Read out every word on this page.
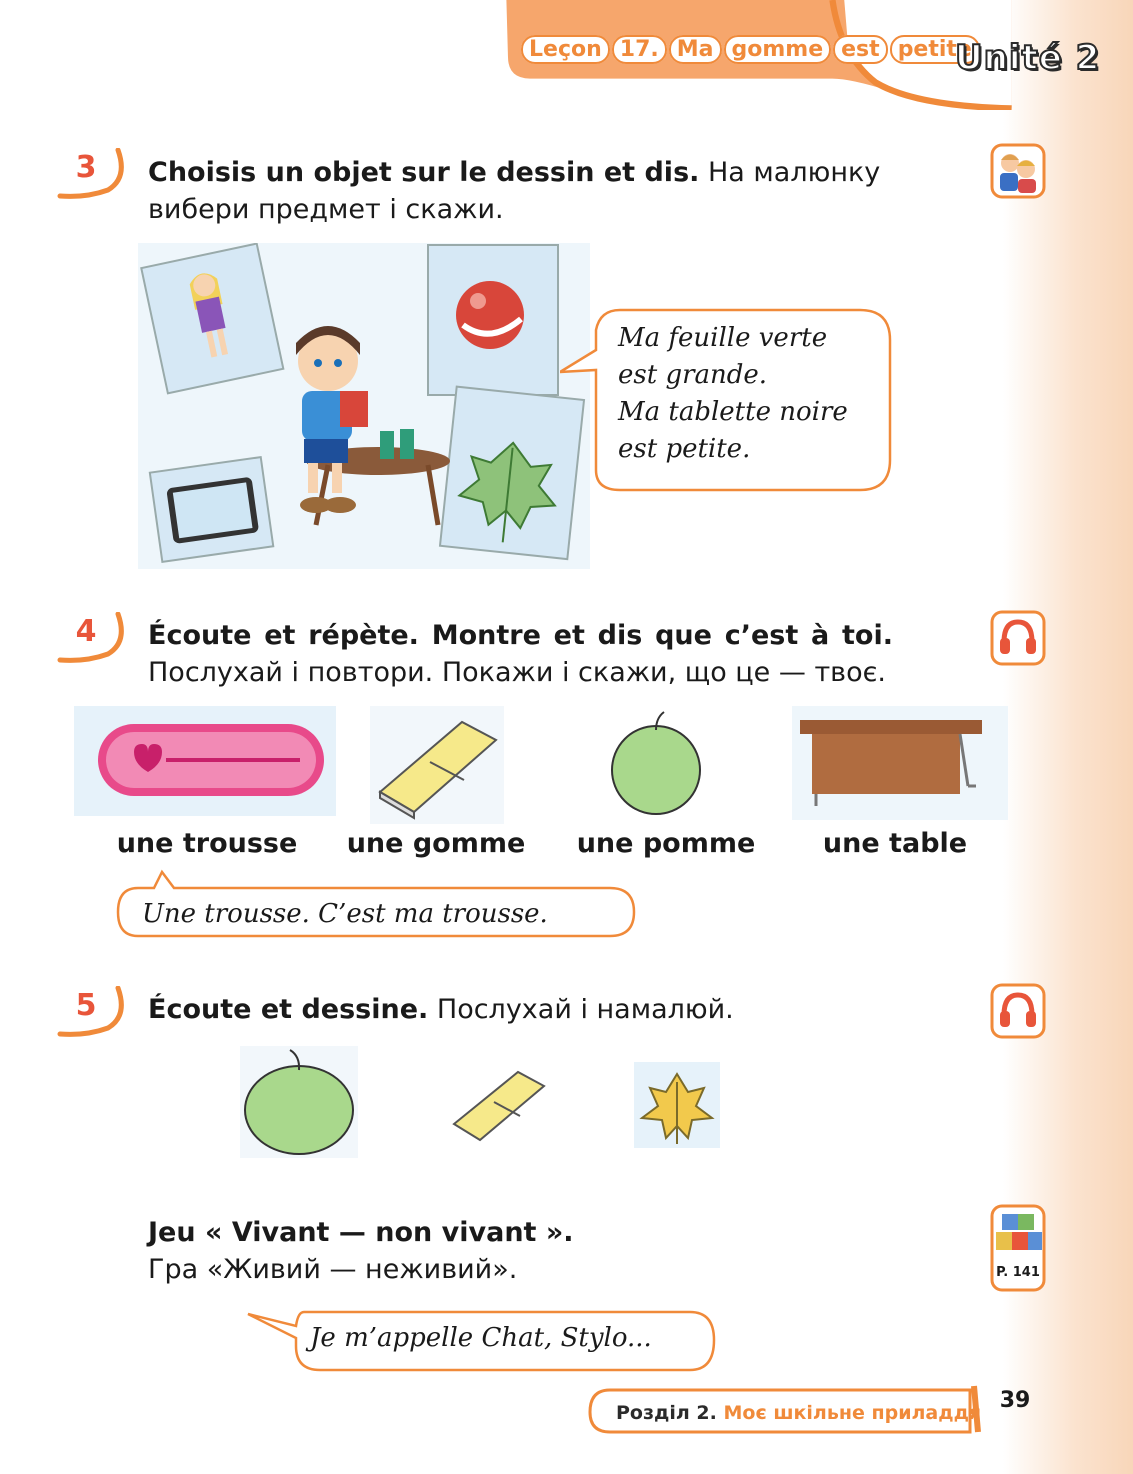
Leçon 17. Ma gomme est petite
Unité 2
3	Choisis un objet sur le dessin et dis. На малюнку
вибери предмет і скажи.
Ma feuille verte
est grande.
Ma tablette noire
est petite.
4	Écoute et répète. Montre et dis que c’est à toi.
Послухай і повтори. Покажи і скажи, що це — твоє.
une trousse	une gomme	une pomme	une table
Une trousse. C’est ma trousse.
5	Écoute et dessine. Послухай і намалюй.
Jeu « Vivant — non vivant ».
Гра «Живий — неживий».	P. 141
Je m’appelle Chat, Stylo...
Розділ 2. Моє шкільне приладдя 39
